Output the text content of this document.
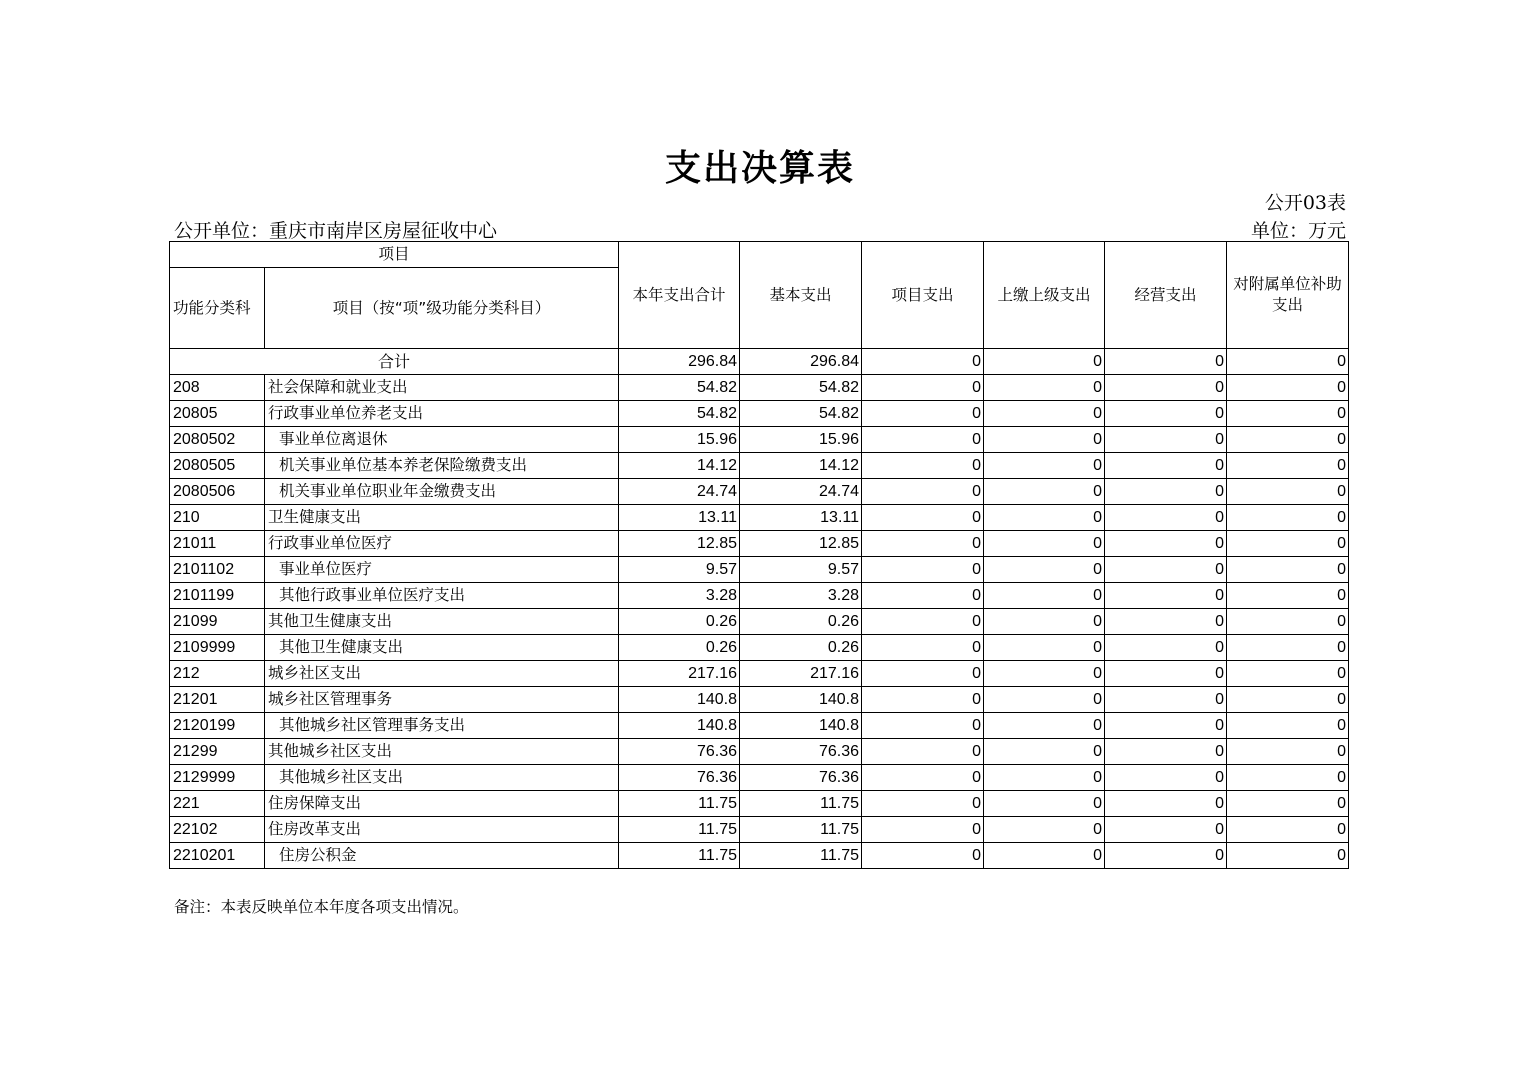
支出决算表
公开03表
公开单位：重庆市南岸区房屋征收中心	单位：万元
项目		本年支出合计	基本支出	项目支出	上缴上级支出	经营支出	对附属单位补助支出
功能分类科	项目（按“项”级功能分类科目）						
合计		296.84	296.84	0	0	0	0
208	社会保障和就业支出	54.82	54.82	0	0	0	0
20805	行政事业单位养老支出	54.82	54.82	0	0	0	0
2080502	事业单位离退休	15.96	15.96	0	0	0	0
2080505	机关事业单位基本养老保险缴费支出	14.12	14.12	0	0	0	0
2080506	机关事业单位职业年金缴费支出	24.74	24.74	0	0	0	0
210	卫生健康支出	13.11	13.11	0	0	0	0
21011	行政事业单位医疗	12.85	12.85	0	0	0	0
2101102	事业单位医疗	9.57	9.57	0	0	0	0
2101199	其他行政事业单位医疗支出	3.28	3.28	0	0	0	0
21099	其他卫生健康支出	0.26	0.26	0	0	0	0
2109999	其他卫生健康支出	0.26	0.26	0	0	0	0
212	城乡社区支出	217.16	217.16	0	0	0	0
21201	城乡社区管理事务	140.8	140.8	0	0	0	0
2120199	其他城乡社区管理事务支出	140.8	140.8	0	0	0	0
21299	其他城乡社区支出	76.36	76.36	0	0	0	0
2129999	其他城乡社区支出	76.36	76.36	0	0	0	0
221	住房保障支出	11.75	11.75	0	0	0	0
22102	住房改革支出	11.75	11.75	0	0	0	0
2210201	住房公积金	11.75	11.75	0	0	0	0
备注：本表反映单位本年度各项支出情况。
